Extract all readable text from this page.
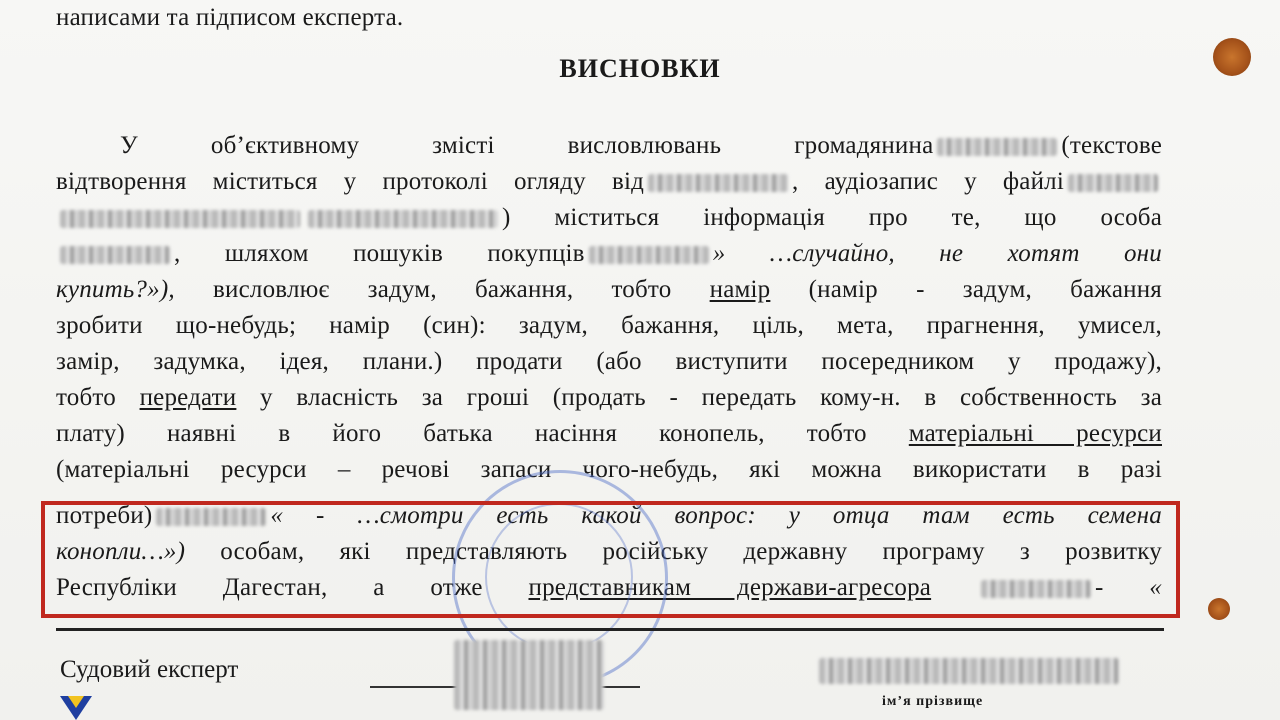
написами та підписом експерта.
ВИСНОВКИ
У об’єктивному змісті висловлювань громадянина	(текстове
відтворення міститься у протоколі огляду від	, аудіозапис у файлі
) міститься інформація про те, що особа
, шляхом пошуків покупців	» …случайно, не хотят они
купить?»), висловлює задум, бажання, тобто намір (намір - задум, бажання
зробити що-небудь; намір (син): задум, бажання, ціль, мета, прагнення, умисел,
замір, задумка, ідея, плани.) продати (або виступити посередником у продажу),
тобто передати у власність за гроші (продать - передать кому-н. в собственность за
плату) наявні в його батька насіння конопель, тобто матеріальні ресурси
(матеріальні ресурси – речові запаси чого-небудь, які можна використати в разі
потреби)	« - …смотри есть какой вопрос: у отца там есть семена
конопли…») особам, які представляють російську державну програму з розвитку
Республіки Дагестан, а отже представникам держави-агресора	- «
Судовий експерт
ім’я прізвище
